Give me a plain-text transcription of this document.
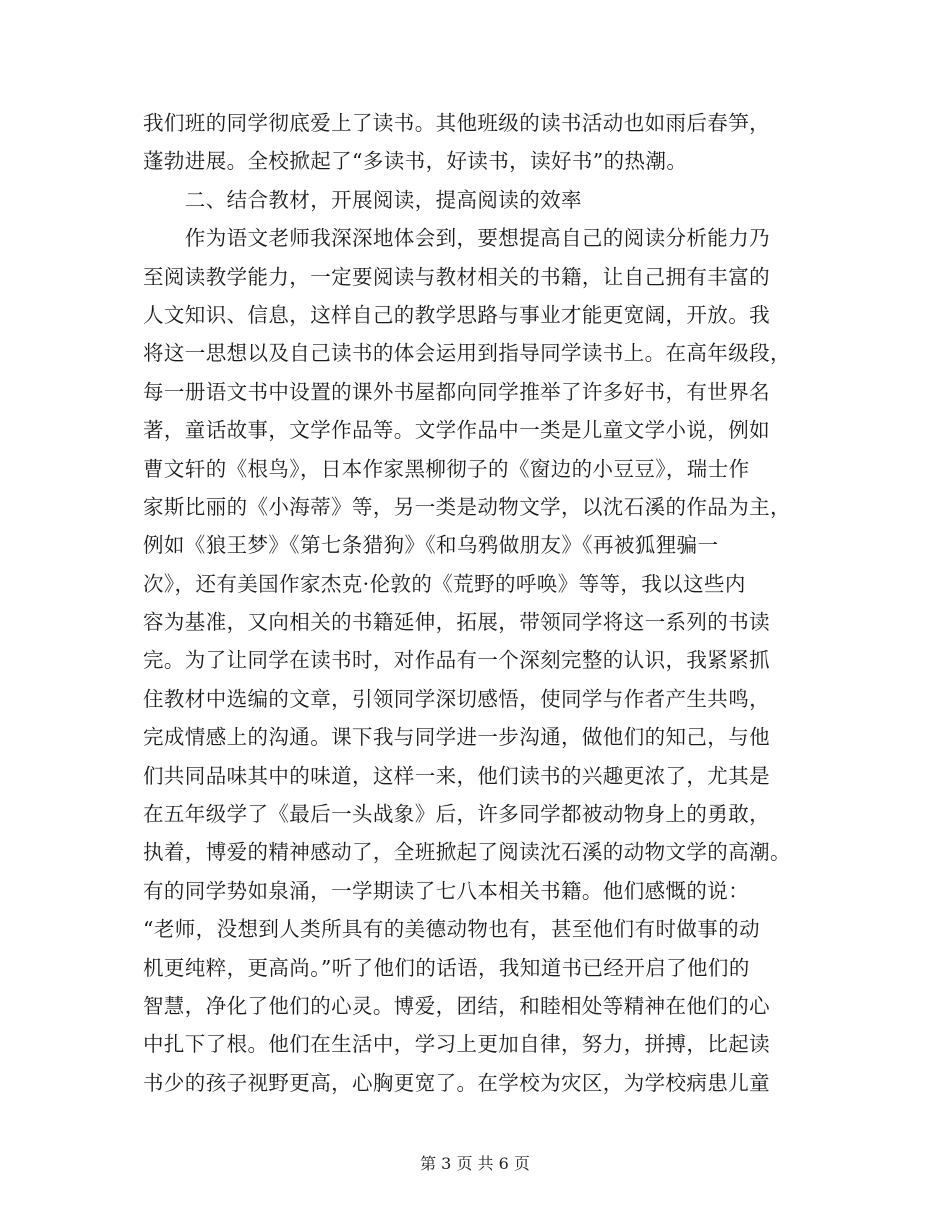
我们班的同学彻底爱上了读书。其他班级的读书活动也如雨后春笋，
蓬勃进展。全校掀起了“多读书，好读书，读好书”的热潮。
　　二、结合教材，开展阅读，提高阅读的效率
　　作为语文老师我深深地体会到，要想提高自己的阅读分析能力乃
至阅读教学能力，一定要阅读与教材相关的书籍，让自己拥有丰富的
人文知识、信息，这样自己的教学思路与事业才能更宽阔，开放。我
将这一思想以及自己读书的体会运用到指导同学读书上。在高年级段，
每一册语文书中设置的课外书屋都向同学推举了许多好书，有世界名
著，童话故事，文学作品等。文学作品中一类是儿童文学小说，例如
曹文轩的《根鸟》，日本作家黑柳彻子的《窗边的小豆豆》，瑞士作
家斯比丽的《小海蒂》等，另一类是动物文学，以沈石溪的作品为主，
例如《狼王梦》《第七条猎狗》《和乌鸦做朋友》《再被狐狸骗一
次》，还有美国作家杰克·伦敦的《荒野的呼唤》等等，我以这些内
容为基准，又向相关的书籍延伸，拓展，带领同学将这一系列的书读
完。为了让同学在读书时，对作品有一个深刻完整的认识，我紧紧抓
住教材中选编的文章，引领同学深切感悟，使同学与作者产生共鸣，
完成情感上的沟通。课下我与同学进一步沟通，做他们的知己，与他
们共同品味其中的味道，这样一来，他们读书的兴趣更浓了，尤其是
在五年级学了《最后一头战象》后，许多同学都被动物身上的勇敢，
执着，博爱的精神感动了，全班掀起了阅读沈石溪的动物文学的高潮。
有的同学势如泉涌，一学期读了七八本相关书籍。他们感慨的说：
“老师，没想到人类所具有的美德动物也有，甚至他们有时做事的动
机更纯粹，更高尚。”听了他们的话语，我知道书已经开启了他们的
智慧，净化了他们的心灵。博爱，团结，和睦相处等精神在他们的心
中扎下了根。他们在生活中，学习上更加自律，努力，拼搏，比起读
书少的孩子视野更高，心胸更宽了。在学校为灾区，为学校病患儿童
第 3 页 共 6 页
